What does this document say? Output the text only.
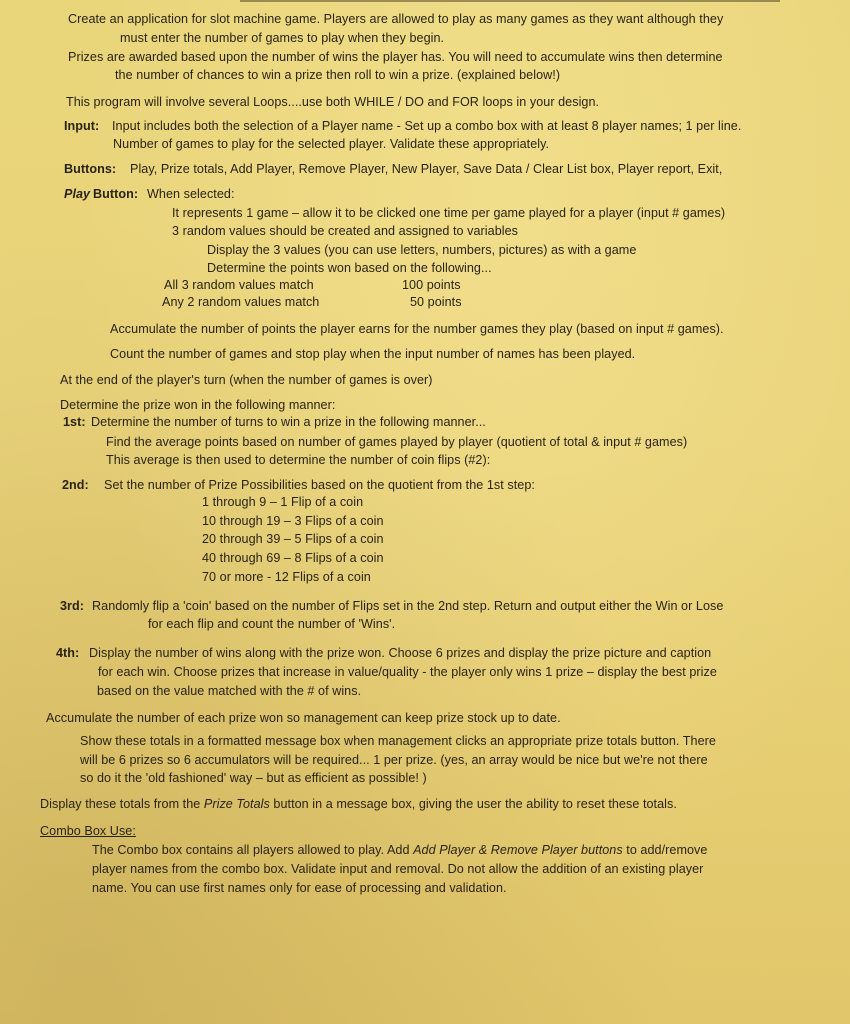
Create an application for slot machine game. Players are allowed to play as many games as they want although they
must enter the number of games to play when they begin.
Prizes are awarded based upon the number of wins the player has. You will need to accumulate wins then determine
the number of chances to win a prize then roll to win a prize. (explained below!)
This program will involve several Loops....use both WHILE / DO and FOR loops in your design.
Input: Input includes both the selection of a Player name - Set up a combo box with at least 8 player names; 1 per line.
Number of games to play for the selected player. Validate these appropriately.
Buttons: Play, Prize totals, Add Player, Remove Player, New Player, Save Data / Clear List box, Player report, Exit,
Play Button: When selected:
It represents 1 game – allow it to be clicked one time per game played for a player (input # games)
3 random values should be created and assigned to variables
Display the 3 values (you can use letters, numbers, pictures) as with a game
Determine the points won based on the following...
All 3 random values match	100 points
Any 2 random values match	50 points
Accumulate the number of points the player earns for the number games they play (based on input # games).
Count the number of games and stop play when the input number of names has been played.
At the end of the player's turn (when the number of games is over)
Determine the prize won in the following manner:
1st: Determine the number of turns to win a prize in the following manner...
Find the average points based on number of games played by player (quotient of total & input # games)
This average is then used to determine the number of coin flips (#2):
2nd: Set the number of Prize Possibilities based on the quotient from the 1st step:
1 through 9 – 1 Flip of a coin
10 through 19 – 3 Flips of a coin
20 through 39 – 5 Flips of a coin
40 through 69 – 8 Flips of a coin
70 or more - 12 Flips of a coin
3rd: Randomly flip a 'coin' based on the number of Flips set in the 2nd step. Return and output either the Win or Lose
for each flip and count the number of 'Wins'.
4th: Display the number of wins along with the prize won. Choose 6 prizes and display the prize picture and caption
for each win. Choose prizes that increase in value/quality - the player only wins 1 prize – display the best prize
based on the value matched with the # of wins.
Accumulate the number of each prize won so management can keep prize stock up to date.
Show these totals in a formatted message box when management clicks an appropriate prize totals button. There
will be 6 prizes so 6 accumulators will be required... 1 per prize. (yes, an array would be nice but we're not there
so do it the 'old fashioned' way – but as efficient as possible! )
Display these totals from the Prize Totals button in a message box, giving the user the ability to reset these totals.
Combo Box Use:
The Combo box contains all players allowed to play. Add Add Player & Remove Player buttons to add/remove
player names from the combo box. Validate input and removal. Do not allow the addition of an existing player
name. You can use first names only for ease of processing and validation.
